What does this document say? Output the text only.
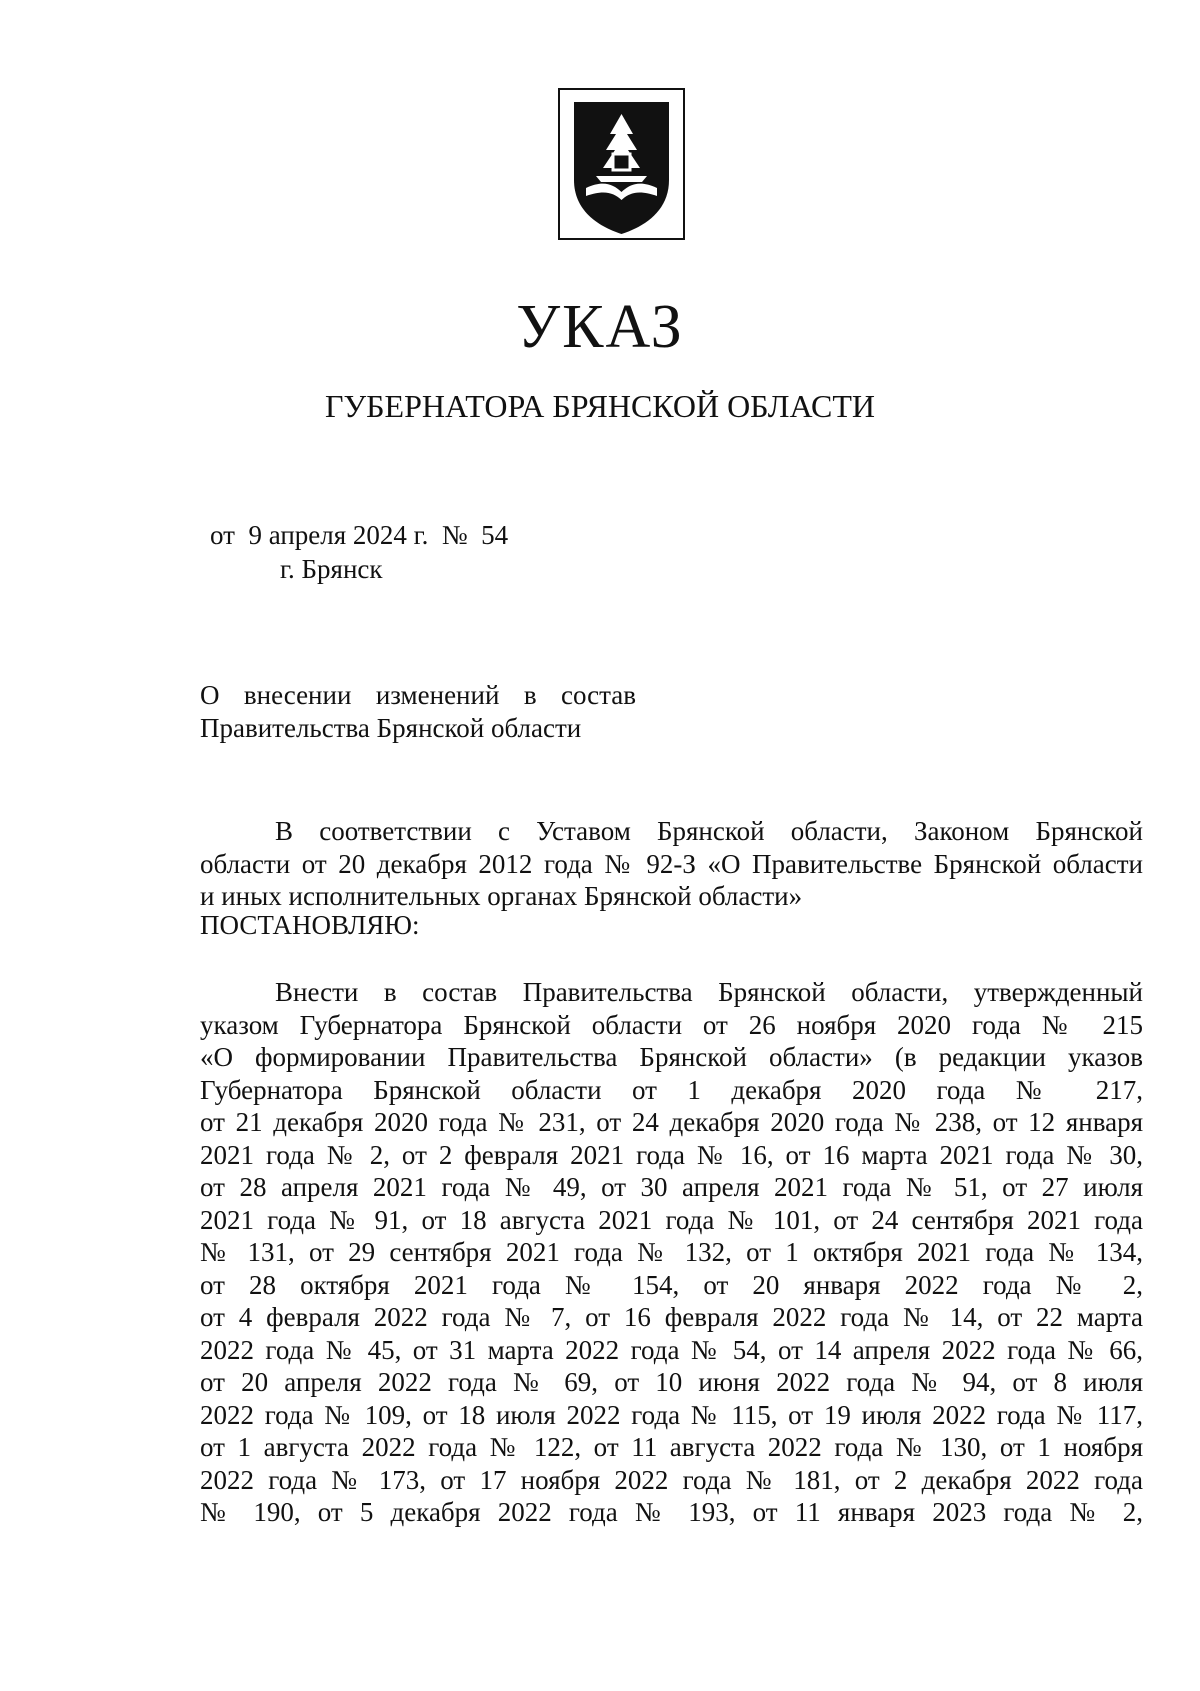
УКАЗ
ГУБЕРНАТОРА БРЯНСКОЙ ОБЛАСТИ
от  9 апреля 2024 г.  №  54
г. Брянск
О внесении изменений в состав
Правительства Брянской области
В соответствии с Уставом Брянской области, Законом Брянской
области от 20 декабря 2012 года № 92-З «О Правительстве Брянской области
и иных исполнительных органах Брянской области»
ПОСТАНОВЛЯЮ:
Внести в состав Правительства Брянской области, утвержденный
указом Губернатора Брянской области от 26 ноября 2020 года № 215
«О формировании Правительства Брянской области» (в редакции указов
Губернатора Брянской области от 1 декабря 2020 года № 217,
от 21 декабря 2020 года № 231, от 24 декабря 2020 года № 238, от 12 января
2021 года № 2, от 2 февраля 2021 года № 16, от 16 марта 2021 года № 30,
от 28 апреля 2021 года № 49, от 30 апреля 2021 года № 51, от 27 июля
2021 года № 91, от 18 августа 2021 года № 101, от 24 сентября 2021 года
№ 131, от 29 сентября 2021 года № 132, от 1 октября 2021 года № 134,
от 28 октября 2021 года № 154, от 20 января 2022 года № 2,
от 4 февраля 2022 года № 7, от 16 февраля 2022 года № 14, от 22 марта
2022 года № 45, от 31 марта 2022 года № 54, от 14 апреля 2022 года № 66,
от 20 апреля 2022 года № 69, от 10 июня 2022 года № 94, от 8 июля
2022 года № 109, от 18 июля 2022 года № 115, от 19 июля 2022 года № 117,
от 1 августа 2022 года № 122, от 11 августа 2022 года № 130, от 1 ноября
2022 года № 173, от 17 ноября 2022 года № 181, от 2 декабря 2022 года
№ 190, от 5 декабря 2022 года № 193, от 11 января 2023 года № 2,
